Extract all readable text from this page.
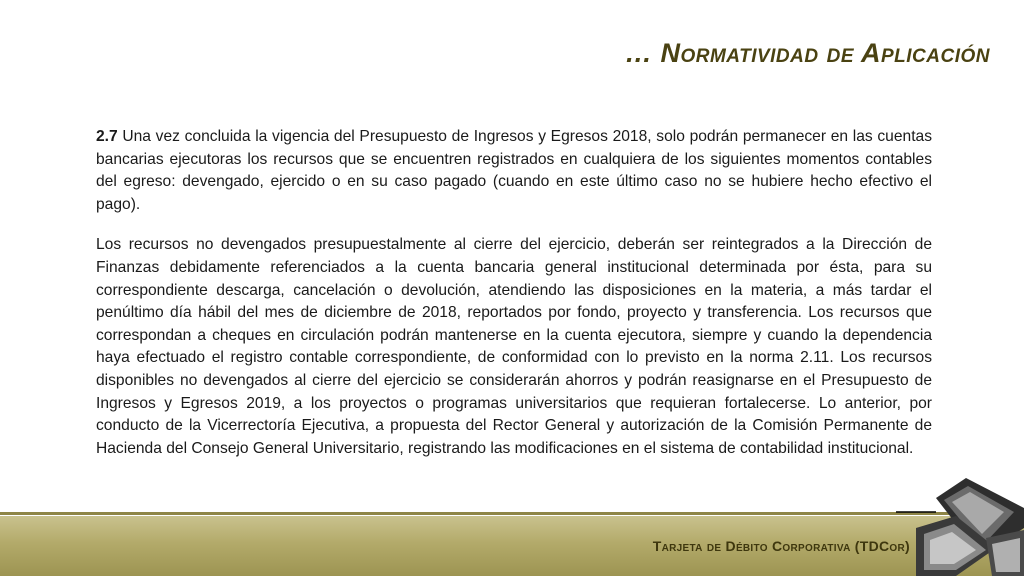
… Normatividad de Aplicación

2.7 Una vez concluida la vigencia del Presupuesto de Ingresos y Egresos 2018, solo podrán permanecer en las cuentas bancarias ejecutoras los recursos que se encuentren registrados en cualquiera de los siguientes momentos contables del egreso: devengado, ejercido o en su caso pagado (cuando en este último caso no se hubiere hecho efectivo el pago).

Los recursos no devengados presupuestalmente al cierre del ejercicio, deberán ser reintegrados a la Dirección de Finanzas debidamente referenciados a la cuenta bancaria general institucional determinada por ésta, para su correspondiente descarga, cancelación o devolución, atendiendo las disposiciones en la materia, a más tardar el penúltimo día hábil del mes de diciembre de 2018, reportados por fondo, proyecto y transferencia. Los recursos que correspondan a cheques en circulación podrán mantenerse en la cuenta ejecutora, siempre y cuando la dependencia haya efectuado el registro contable correspondiente, de conformidad con lo previsto en la norma 2.11. Los recursos disponibles no devengados al cierre del ejercicio se considerarán ahorros y podrán reasignarse en el Presupuesto de Ingresos y Egresos 2019, a los proyectos o programas universitarios que requieran fortalecerse. Lo anterior, por conducto de la Vicerrectoría Ejecutiva, a propuesta del Rector General y autorización de la Comisión Permanente de Hacienda del Consejo General Universitario, registrando las modificaciones en el sistema de contabilidad institucional.

Tarjeta de Débito Corporativa (TDCor)
